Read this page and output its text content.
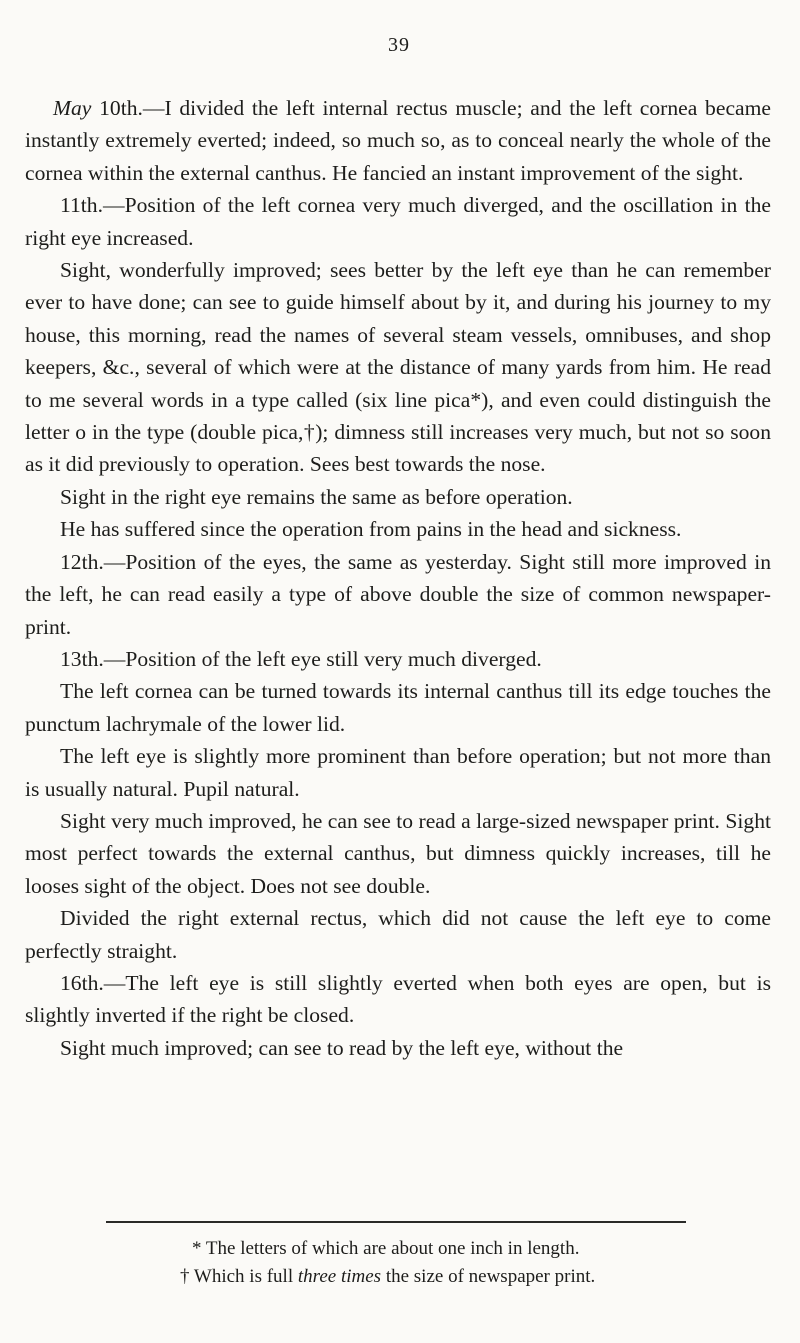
39

May 10th.—I divided the left internal rectus muscle; and the left cornea became instantly extremely everted; indeed, so much so, as to conceal nearly the whole of the cornea within the external canthus. He fancied an instant improvement of the sight.

11th.—Position of the left cornea very much diverged, and the oscillation in the right eye increased.

Sight, wonderfully improved; sees better by the left eye than he can remember ever to have done; can see to guide himself about by it, and during his journey to my house, this morning, read the names of several steam vessels, omnibuses, and shop keepers, &c., several of which were at the distance of many yards from him. He read to me several words in a type called (six line pica*), and even could distinguish the letter o in the type (double pica,†); dimness still increases very much, but not so soon as it did previously to operation. Sees best towards the nose.

Sight in the right eye remains the same as before operation.

He has suffered since the operation from pains in the head and sickness.

12th.—Position of the eyes, the same as yesterday. Sight still more improved in the left, he can read easily a type of above double the size of common newspaper-print.

13th.—Position of the left eye still very much diverged.

The left cornea can be turned towards its internal canthus till its edge touches the punctum lachrymale of the lower lid.

The left eye is slightly more prominent than before operation; but not more than is usually natural. Pupil natural.

Sight very much improved, he can see to read a large-sized newspaper print. Sight most perfect towards the external canthus, but dimness quickly increases, till he looses sight of the object. Does not see double.

Divided the right external rectus, which did not cause the left eye to come perfectly straight.

16th.—The left eye is still slightly everted when both eyes are open, but is slightly inverted if the right be closed.

Sight much improved; can see to read by the left eye, without the

* The letters of which are about one inch in length.

† Which is full three times the size of newspaper print.
